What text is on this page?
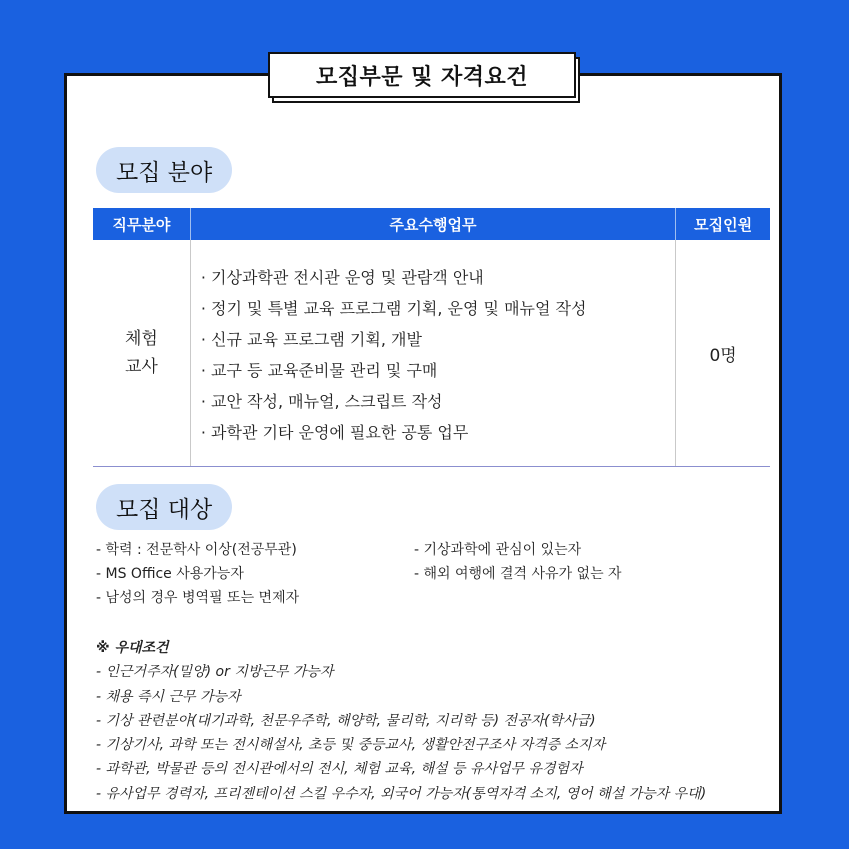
모집부문 및 자격요건
모집 분야
직무분야	주요수행업무	모집인원
체험
교사
· 기상과학관 전시관 운영 및 관람객 안내
· 정기 및 특별 교육 프로그램 기획, 운영 및 매뉴얼 작성
· 신규 교육 프로그램 기획, 개발
· 교구 등 교육준비물 관리 및 구매
· 교안 작성, 매뉴얼, 스크립트 작성
· 과학관 기타 운영에 필요한 공통 업무
0명
모집 대상
- 학력 : 전문학사 이상(전공무관)
- MS Office 사용가능자
- 남성의 경우 병역필 또는 면제자
- 기상과학에 관심이 있는자
- 해외 여행에 결격 사유가 없는 자
※ 우대조건
- 인근거주자(밀양) or 지방근무 가능자
- 채용 즉시 근무 가능자
- 기상 관련분야(대기과학, 천문우주학, 해양학, 물리학, 지리학 등) 전공자(학사급)
- 기상기사, 과학 또는 전시해설사, 초등 및 중등교사, 생활안전구조사 자격증 소지자
- 과학관, 박물관 등의 전시관에서의 전시, 체험 교육, 해설 등 유사업무 유경험자
- 유사업무 경력자, 프리젠테이션 스킬 우수자, 외국어 가능자(통역자격 소지, 영어 해설 가능자 우대)
